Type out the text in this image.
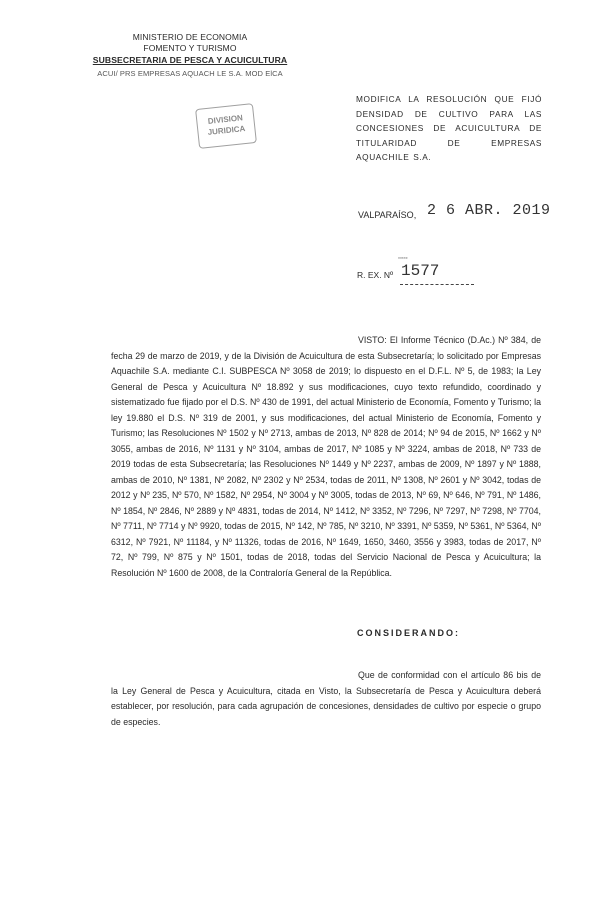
MINISTERIO DE ECONOMIA
FOMENTO Y TURISMO
SUBSECRETARIA DE PESCA Y ACUICULTURA
ACUI/ PRS EMPRESAS AQUACH LE S.A. MOD ElCA
DIVISION
JURIDICA
MODIFICA LA RESOLUCIÓN QUE FIJÓ DENSIDAD DE CULTIVO PARA LAS CONCESIONES DE ACUICULTURA DE TITULARIDAD DE EMPRESAS AQUACHILE S.A.
VALPARAÍSO, 2 6 ABR. 2019
*****
R. EX. Nº 1577

VISTO: El Informe Técnico (D.Ac.) Nº 384, de fecha 29 de marzo de 2019, y de la División de Acuicultura de esta Subsecretaría; lo solicitado por Empresas Aquachile S.A. mediante C.I. SUBPESCA Nº 3058 de 2019; lo dispuesto en el D.F.L. Nº 5, de 1983; la Ley General de Pesca y Acuicultura Nº 18.892 y sus modificaciones, cuyo texto refundido, coordinado y sistematizado fue fijado por el D.S. Nº 430 de 1991, del actual Ministerio de Economía, Fomento y Turismo; la ley 19.880 el D.S. Nº 319 de 2001, y sus modificaciones, del actual Ministerio de Economía, Fomento y Turismo; las Resoluciones Nº 1502 y Nº 2713, ambas de 2013, Nº 828 de 2014; Nº 94 de 2015, Nº 1662 y Nº 3055, ambas de 2016, Nº 1131 y Nº 3104, ambas de 2017, Nº 1085 y Nº 3224, ambas de 2018, Nº 733 de 2019 todas de esta Subsecretaría; las Resoluciones Nº 1449 y Nº 2237, ambas de 2009, Nº 1897 y Nº 1888, ambas de 2010, Nº 1381, Nº 2082, Nº 2302 y Nº 2534, todas de 2011, Nº 1308, Nº 2601 y Nº 3042, todas de 2012 y Nº 235, Nº 570, Nº 1582, Nº 2954, Nº 3004 y Nº 3005, todas de 2013, Nº 69, Nº 646, Nº 791, Nº 1486, Nº 1854, Nº 2846, Nº 2889 y Nº 4831, todas de 2014, Nº 1412, Nº 3352, Nº 7296, Nº 7297, Nº 7298, Nº 7704, Nº 7711, Nº 7714 y Nº 9920, todas de 2015, Nº 142, Nº 785, Nº 3210, Nº 3391, Nº 5359, Nº 5361, Nº 5364, Nº 6312, Nº 7921, Nº 11184, y Nº 11326, todas de 2016, Nº 1649, 1650, 3460, 3556 y 3983, todas de 2017, Nº 72, Nº 799, Nº 875 y Nº 1501, todas de 2018, todas del Servicio Nacional de Pesca y Acuicultura; la Resolución Nº 1600 de 2008, de la Contraloría General de la República.

CONSIDERANDO:

Que de conformidad con el artículo 86 bis de la Ley General de Pesca y Acuicultura, citada en Visto, la Subsecretaría de Pesca y Acuicultura deberá establecer, por resolución, para cada agrupación de concesiones, densidades de cultivo por especie o grupo de especies.
